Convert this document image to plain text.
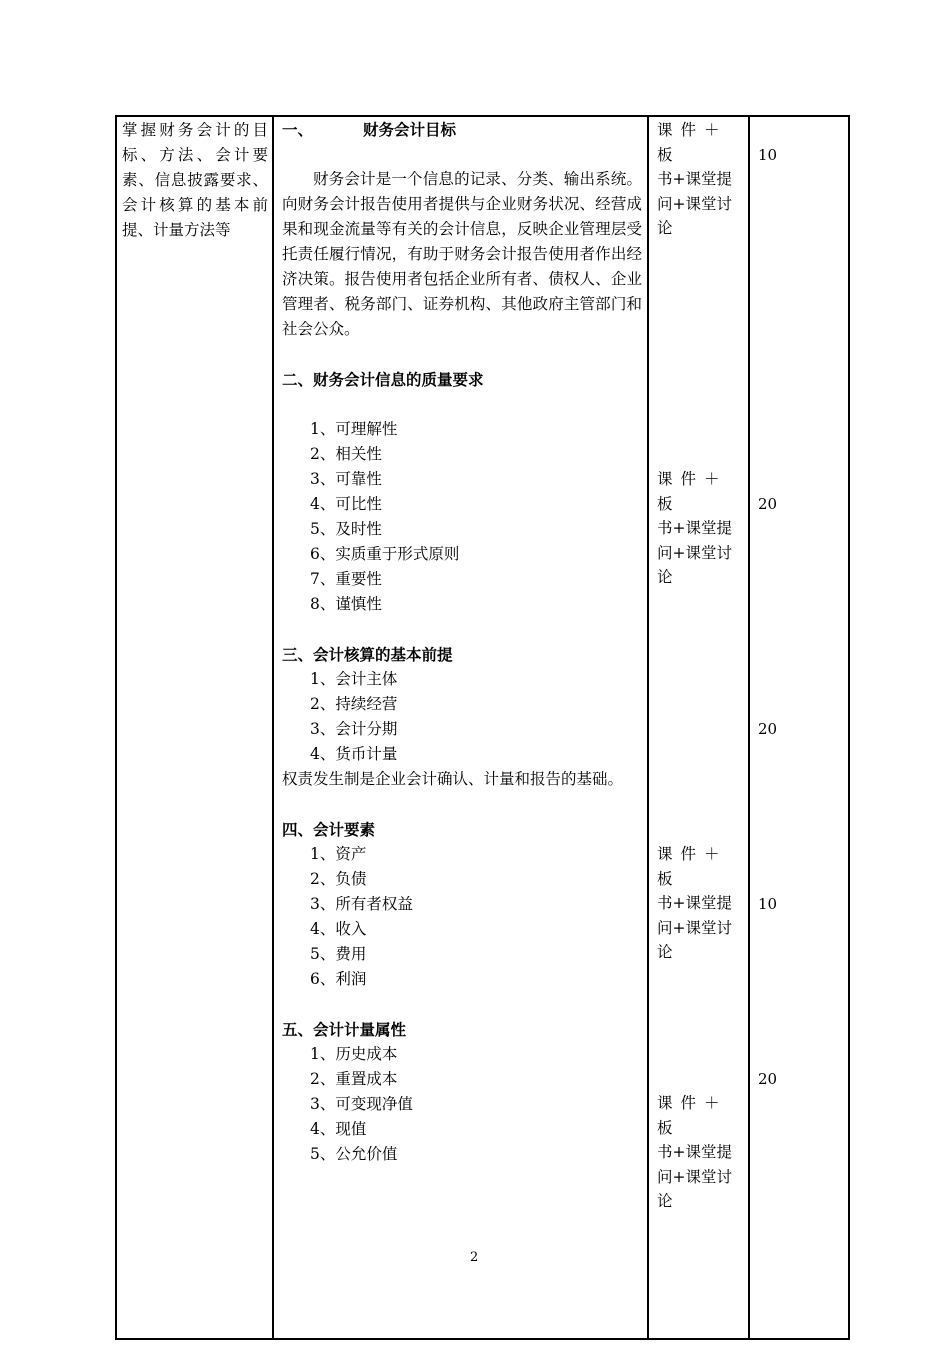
掌握财务会计的目标、方法、会计要素、信息披露要求、会计核算的基本前提、计量方法等
一、	财务会计目标
财务会计是一个信息的记录、分类、输出系统。向财务会计报告使用者提供与企业财务状况、经营成果和现金流量等有关的会计信息，反映企业管理层受托责任履行情况，有助于财务会计报告使用者作出经济决策。报告使用者包括企业所有者、债权人、企业管理者、税务部门、证券机构、其他政府主管部门和社会公众。
二、财务会计信息的质量要求
1、可理解性
2、相关性
3、可靠性
4、可比性
5、及时性
6、实质重于形式原则
7、重要性
8、谨慎性
三、会计核算的基本前提
1、会计主体
2、持续经营
3、会计分期
4、货币计量
权责发生制是企业会计确认、计量和报告的基础。
四、会计要素
1、资产
2、负债
3、所有者权益
4、收入
5、费用
6、利润
五、会计计量属性
1、历史成本
2、重置成本
3、可变现净值
4、现值
5、公允价值
课件＋板
书+课堂提
问+课堂讨
论
课件＋板
书+课堂提
问+课堂讨
论
课件＋板
书+课堂提
问+课堂讨
论
课件＋板
书+课堂提
问+课堂讨
论
10
20
20
10
20
2
